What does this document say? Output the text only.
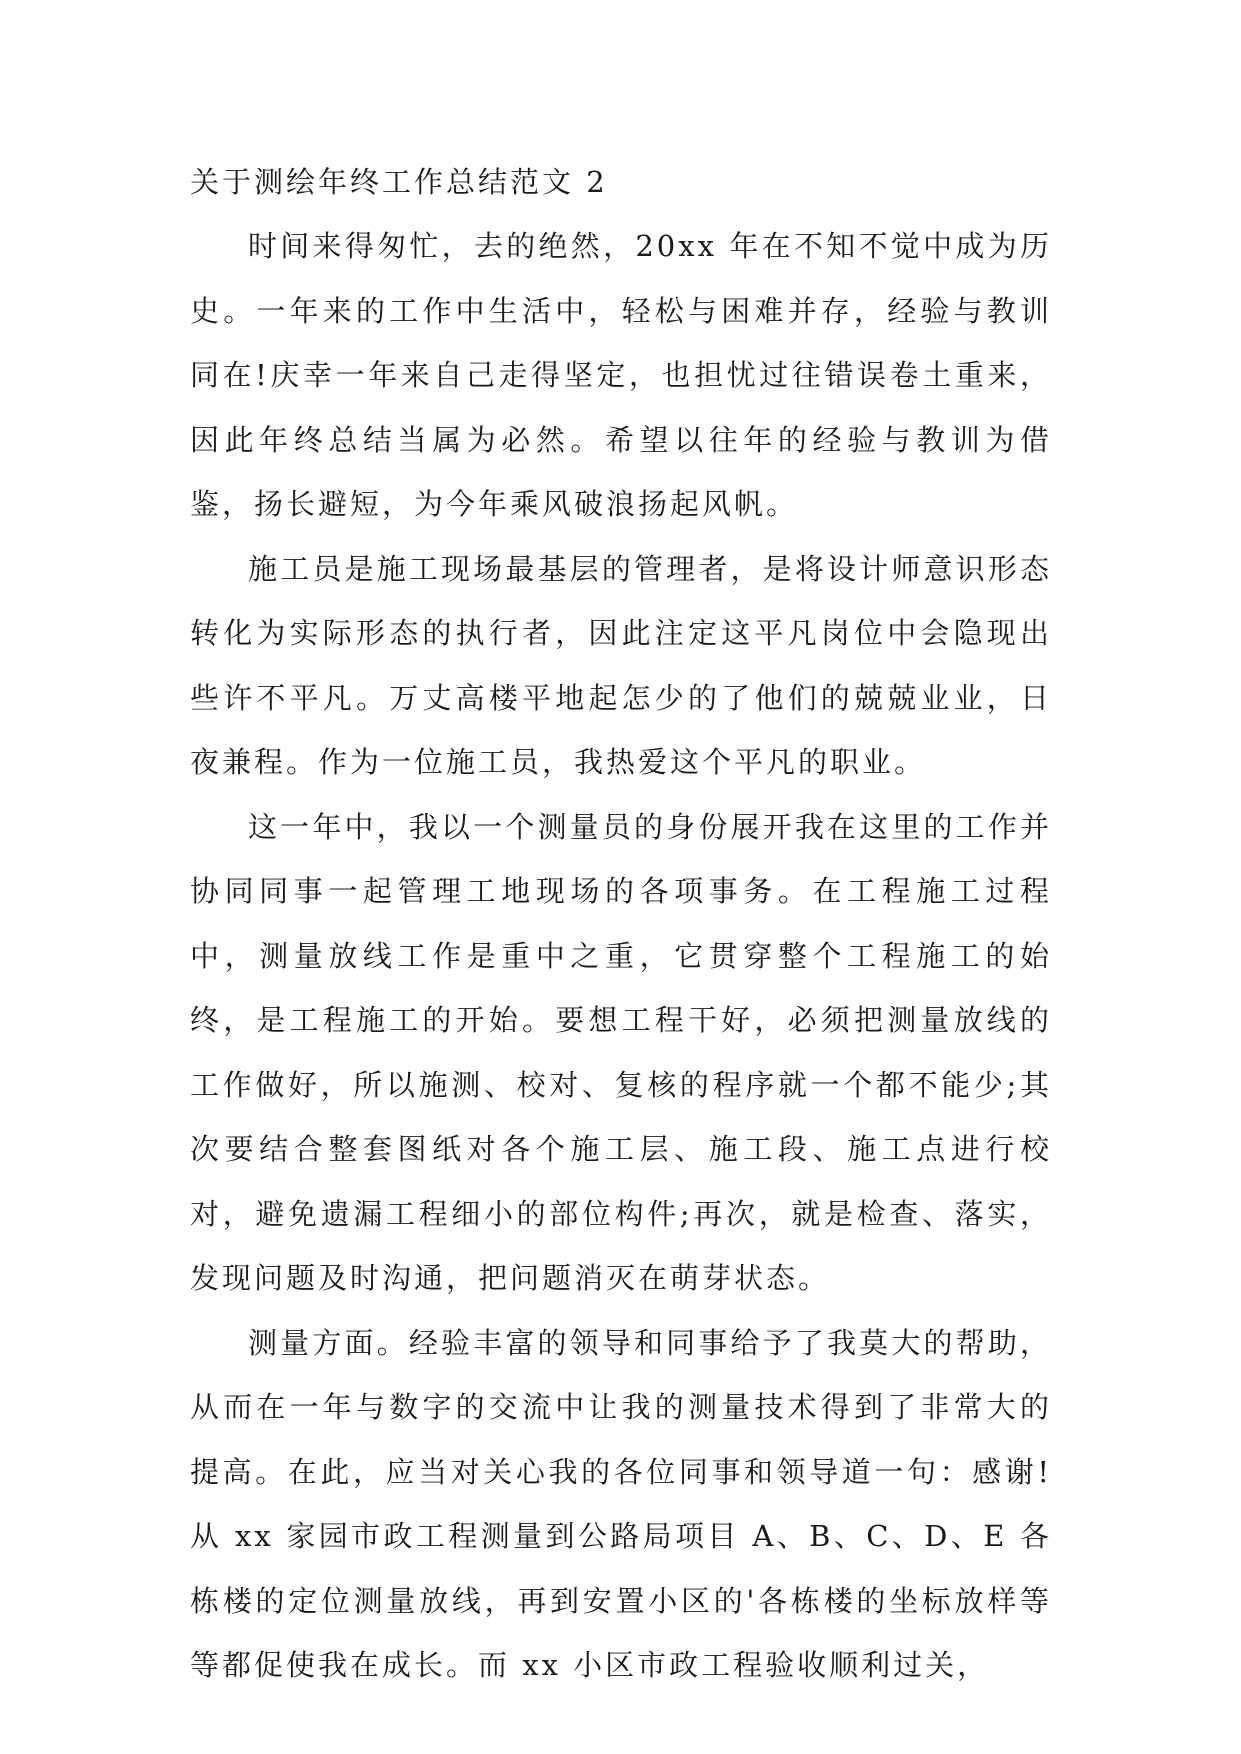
关于测绘年终工作总结范文 2

时间来得匆忙，去的绝然，20xx 年在不知不觉中成为历史。一年来的工作中生活中，轻松与困难并存，经验与教训同在!庆幸一年来自己走得坚定，也担忧过往错误卷土重来，因此年终总结当属为必然。希望以往年的经验与教训为借鉴，扬长避短，为今年乘风破浪扬起风帆。

施工员是施工现场最基层的管理者，是将设计师意识形态转化为实际形态的执行者，因此注定这平凡岗位中会隐现出些许不平凡。万丈高楼平地起怎少的了他们的兢兢业业，日夜兼程。作为一位施工员，我热爱这个平凡的职业。

这一年中，我以一个测量员的身份展开我在这里的工作并协同同事一起管理工地现场的各项事务。在工程施工过程中，测量放线工作是重中之重，它贯穿整个工程施工的始终，是工程施工的开始。要想工程干好，必须把测量放线的工作做好，所以施测、校对、复核的程序就一个都不能少;其次要结合整套图纸对各个施工层、施工段、施工点进行校对，避免遗漏工程细小的部位构件;再次，就是检查、落实，发现问题及时沟通，把问题消灭在萌芽状态。

测量方面。经验丰富的领导和同事给予了我莫大的帮助，从而在一年与数字的交流中让我的测量技术得到了非常大的提高。在此，应当对关心我的各位同事和领导道一句：感谢!从 xx 家园市政工程测量到公路局项目 A、B、C、D、E 各栋楼的定位测量放线，再到安置小区的'各栋楼的坐标放样等等都促使我在成长。而 xx 小区市政工程验收顺利过关，
